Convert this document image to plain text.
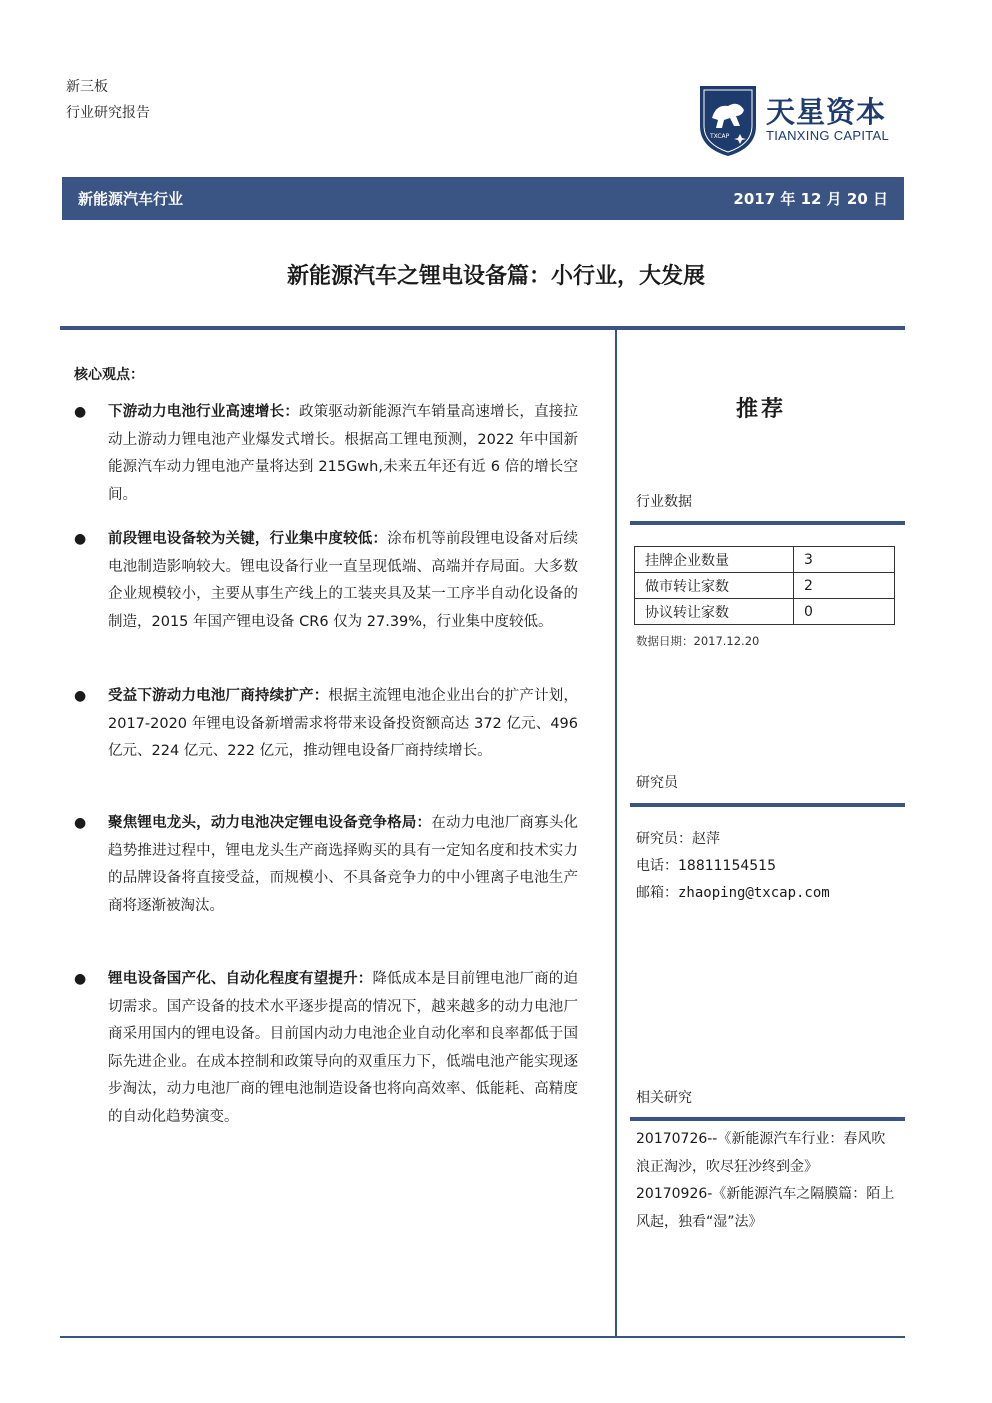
新三板
行业研究报告
TXCAP
天星资本
TIANXING CAPITAL
新能源汽车行业	2017 年 12 月 20 日
新能源汽车之锂电设备篇：小行业，大发展
核心观点：
● 下游动力电池行业高速增长：政策驱动新能源汽车销量高速增长，直接拉动上游动力锂电池产业爆发式增长。根据高工锂电预测，2022 年中国新能源汽车动力锂电池产量将达到 215Gwh,未来五年还有近 6 倍的增长空间。
● 前段锂电设备较为关键，行业集中度较低：涂布机等前段锂电设备对后续电池制造影响较大。锂电设备行业一直呈现低端、高端并存局面。大多数企业规模较小，主要从事生产线上的工装夹具及某一工序半自动化设备的制造，2015 年国产锂电设备 CR6 仅为 27.39%，行业集中度较低。
● 受益下游动力电池厂商持续扩产：根据主流锂电池企业出台的扩产计划，2017-2020 年锂电设备新增需求将带来设备投资额高达 372 亿元、496 亿元、224 亿元、222 亿元，推动锂电设备厂商持续增长。
● 聚焦锂电龙头，动力电池决定锂电设备竞争格局：在动力电池厂商寡头化趋势推进过程中，锂电龙头生产商选择购买的具有一定知名度和技术实力的品牌设备将直接受益，而规模小、不具备竞争力的中小锂离子电池生产商将逐渐被淘汰。
● 锂电设备国产化、自动化程度有望提升：降低成本是目前锂电池厂商的迫切需求。国产设备的技术水平逐步提高的情况下，越来越多的动力电池厂商采用国内的锂电设备。目前国内动力电池企业自动化率和良率都低于国际先进企业。在成本控制和政策导向的双重压力下，低端电池产能实现逐步淘汰，动力电池厂商的锂电池制造设备也将向高效率、低能耗、高精度的自动化趋势演变。
推荐
行业数据
挂牌企业数量	3
做市转让家数	2
协议转让家数	0
数据日期：2017.12.20
研究员
研究员：赵萍
电话：18811154515
邮箱：zhaoping@txcap.com
相关研究
20170726--《新能源汽车行业：春风吹浪正淘沙，吹尽狂沙终到金》
20170926-《新能源汽车之隔膜篇：陌上风起，独看“湿”法》
